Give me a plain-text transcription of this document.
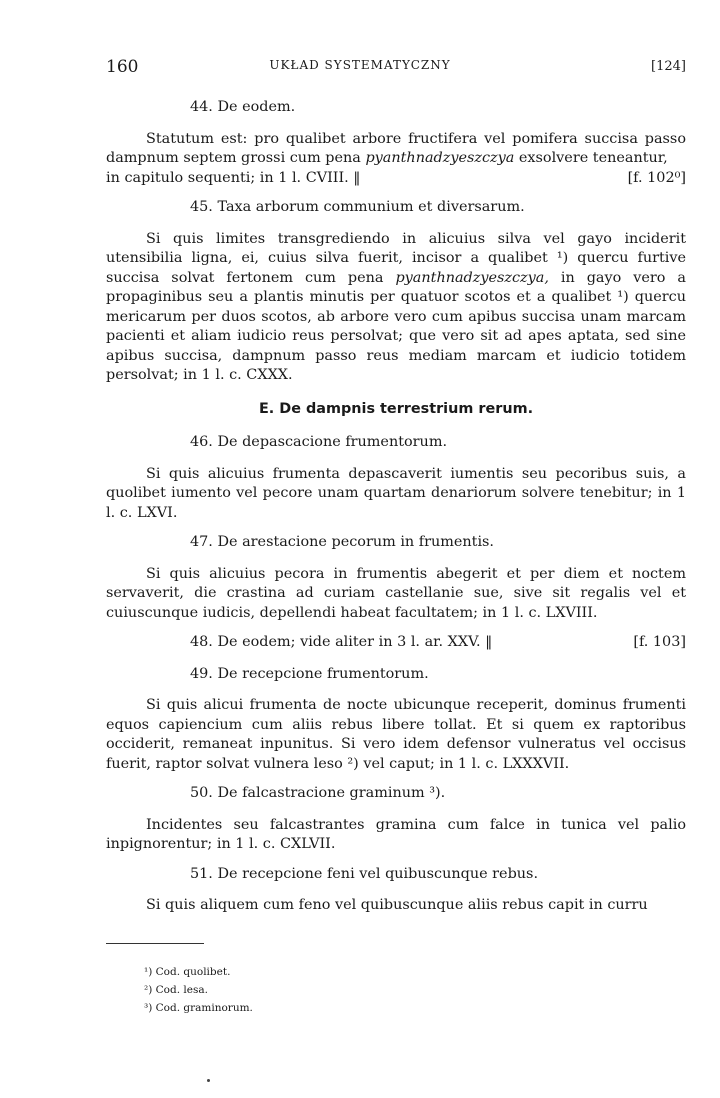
160	UKŁAD SYSTEMATYCZNY	[124]
44. De eodem.
Statutum est: pro qualibet arbore fructifera vel pomifera succisa passo dampnum septem grossi cum pena pyanthnadzyeszczya exsolvere teneantur,
in capitulo sequenti; in 1 l. CVIII. ‖	[f. 102⁰]
45. Taxa arborum communium et diversarum.
Si quis limites transgrediendo in alicuius silva vel gayo inciderit utensibilia ligna, ei, cuius silva fuerit, incisor a qualibet ¹) quercu furtive succisa solvat fertonem cum pena pyanthnadzyeszczya, in gayo vero a propaginibus seu a plantis minutis per quatuor scotos et a qualibet ¹) quercu mericarum per duos scotos, ab arbore vero cum apibus succisa unam marcam pacienti et aliam iudicio reus persolvat; que vero sit ad apes aptata, sed sine apibus succisa, dampnum passo reus mediam marcam et iudicio totidem persolvat; in 1 l. c. CXXX.
E. De dampnis terrestrium rerum.
46. De depascacione frumentorum.
Si quis alicuius frumenta depascaverit iumentis seu pecoribus suis, a quolibet iumento vel pecore unam quartam denariorum solvere tenebitur; in 1 l. c. LXVI.
47. De arestacione pecorum in frumentis.
Si quis alicuius pecora in frumentis abegerit et per diem et noctem servaverit, die crastina ad curiam castellanie sue, sive sit regalis vel et cuiuscunque iudicis, depellendi habeat facultatem; in 1 l. c. LXVIII.
48. De eodem; vide aliter in 3 l. ar. XXV. ‖	[f. 103]
49. De recepcione frumentorum.
Si quis alicui frumenta de nocte ubicunque receperit, dominus frumenti equos capiencium cum aliis rebus libere tollat. Et si quem ex raptoribus occiderit, remaneat inpunitus. Si vero idem defensor vulneratus vel occisus fuerit, raptor solvat vulnera leso ²) vel caput; in 1 l. c. LXXXVII.
50. De falcastracione graminum ³).
Incidentes seu falcastrantes gramina cum falce in tunica vel palio inpignorentur; in 1 l. c. CXLVII.
51. De recepcione feni vel quibuscunque rebus.
Si quis aliquem cum feno vel quibuscunque aliis rebus capit in curru
¹) Cod. quolibet.
²) Cod. lesa.
³) Cod. graminorum.
